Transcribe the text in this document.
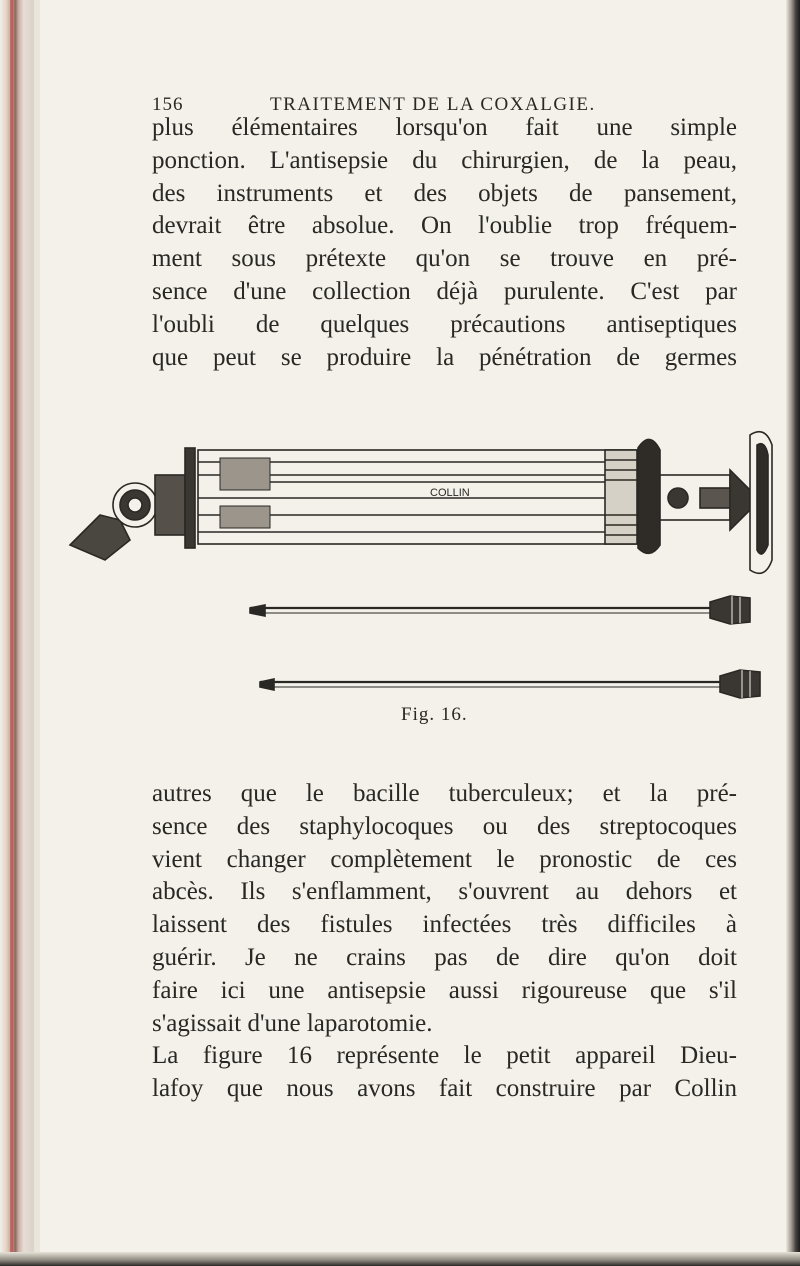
156	TRAITEMENT DE LA COXALGIE.
plus élémentaires lorsqu'on fait une simple
ponction. L'antisepsie du chirurgien, de la peau,
des instruments et des objets de pansement,
devrait être absolue. On l'oublie trop fréquem-
ment sous prétexte qu'on se trouve en pré-
sence d'une collection déjà purulente. C'est par
l'oubli de quelques précautions antiseptiques
que peut se produire la pénétration de germes
COLLIN
Fig. 16.
autres que le bacille tuberculeux; et la pré-
sence des staphylocoques ou des streptocoques
vient changer complètement le pronostic de ces
abcès. Ils s'enflamment, s'ouvrent au dehors et
laissent des fistules infectées très difficiles à
guérir. Je ne crains pas de dire qu'on doit
faire ici une antisepsie aussi rigoureuse que s'il
s'agissait d'une laparotomie.
La figure 16 représente le petit appareil Dieu-
lafoy que nous avons fait construire par Collin
